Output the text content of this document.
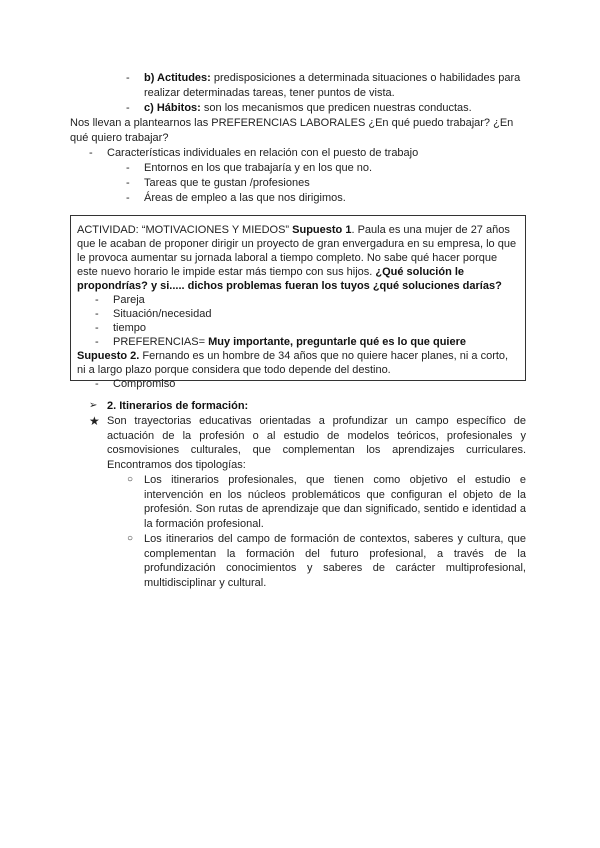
- b) Actitudes: predisposiciones a determinada situaciones o habilidades para
realizar determinadas tareas, tener puntos de vista.
- c) Hábitos: son los mecanismos que predicen nuestras conductas.
Nos llevan a plantearnos las PREFERENCIAS LABORALES ¿En qué puedo trabajar? ¿En
qué quiero trabajar?
- Características individuales en relación con el puesto de trabajo
- Entornos en los que trabajaría y en los que no.
- Tareas que te gustan /profesiones
- Áreas de empleo a las que nos dirigimos.
ACTIVIDAD: “MOTIVACIONES Y MIEDOS” Supuesto 1. Paula es una mujer de 27 años
que le acaban de proponer dirigir un proyecto de gran envergadura en su empresa, lo que
le provoca aumentar su jornada laboral a tiempo completo. No sabe qué hacer porque
este nuevo horario le impide estar más tiempo con sus hijos. ¿Qué solución le
propondrías? y si..... dichos problemas fueran los tuyos ¿qué soluciones darías?
- Pareja
- Situación/necesidad
- tiempo
- PREFERENCIAS= Muy importante, preguntarle qué es lo que quiere
Supuesto 2. Fernando es un hombre de 34 años que no quiere hacer planes, ni a corto,
ni a largo plazo porque considera que todo depende del destino.
- Compromiso
➢ 2. Itinerarios de formación:
★ Son trayectorias educativas orientadas a profundizar un campo específico de
actuación de la profesión o al estudio de modelos teóricos, profesionales y
cosmovisiones culturales, que complementan los aprendizajes curriculares.
Encontramos dos tipologías:
○ Los itinerarios profesionales, que tienen como objetivo el estudio e
intervención en los núcleos problemáticos que configuran el objeto de la
profesión. Son rutas de aprendizaje que dan significado, sentido e identidad a
la formación profesional.
○ Los itinerarios del campo de formación de contextos, saberes y cultura, que
complementan la formación del futuro profesional, a través de la
profundización conocimientos y saberes de carácter multiprofesional,
multidisciplinar y cultural.
